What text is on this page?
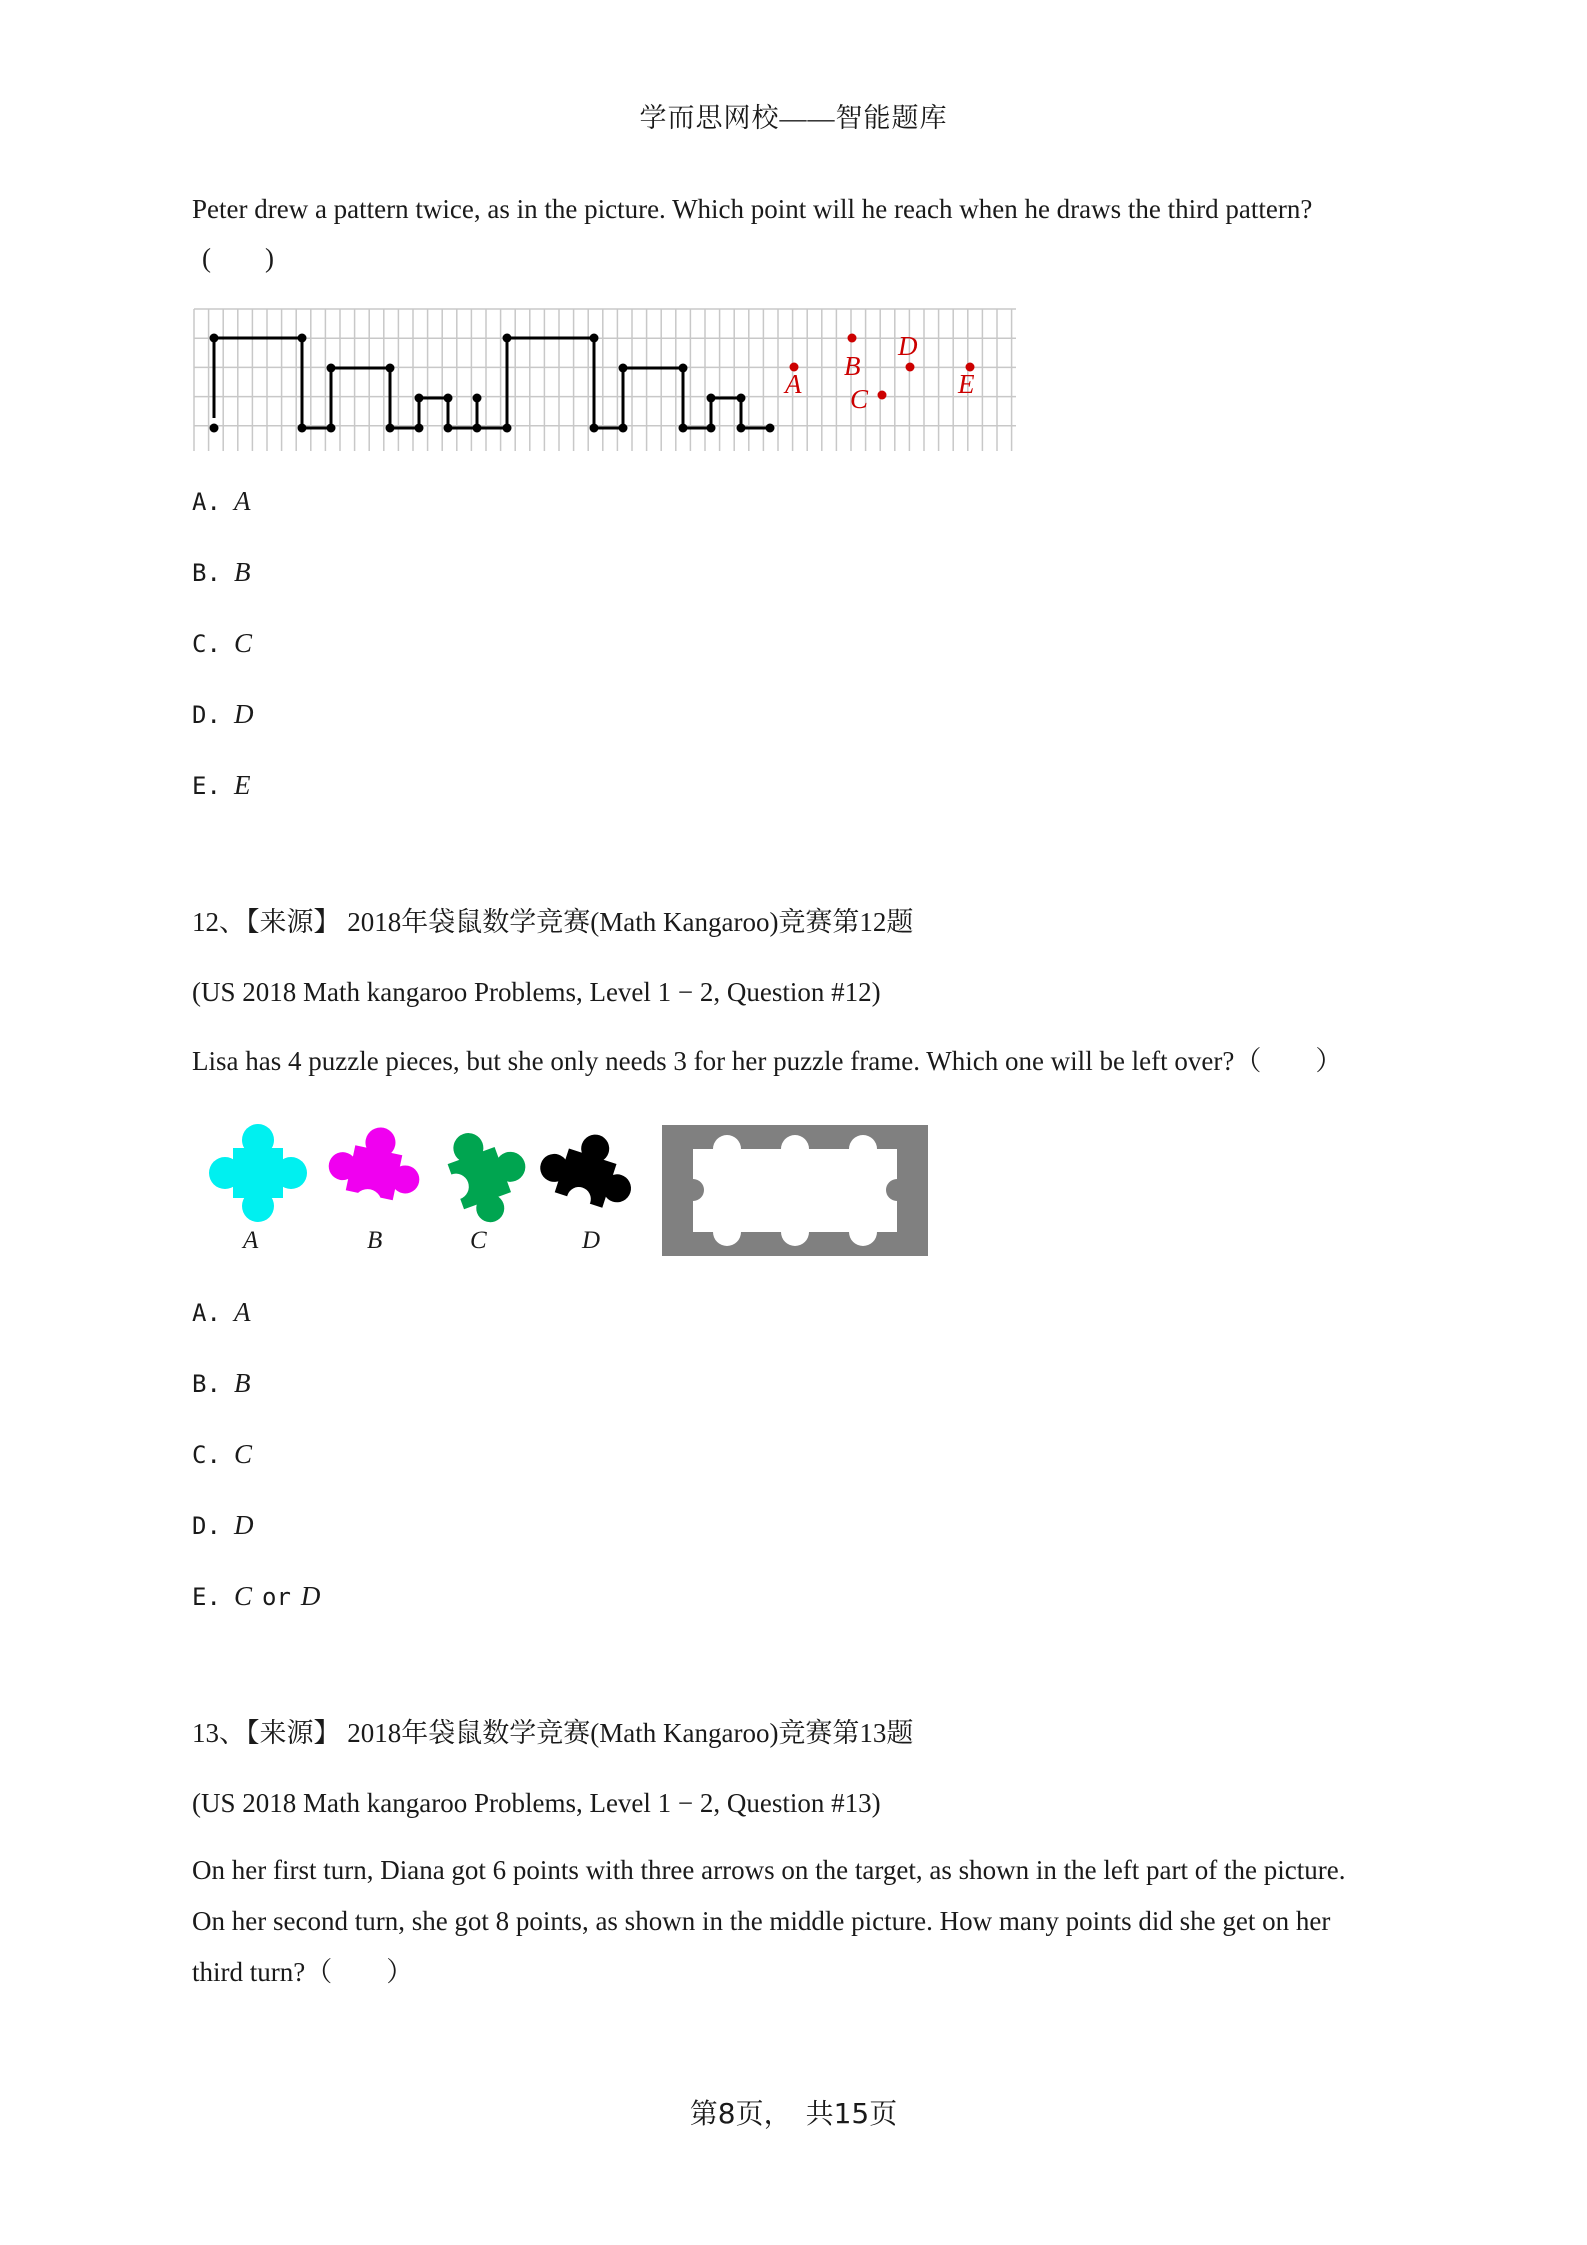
学而思网校——智能题库
Peter drew a pattern twice, as in the picture. Which point will he reach when he draws the third pattern?
(　　)
A
B
C
D
E
A. A
B. B
C. C
D. D
E. E
12、【来源】 2018年袋鼠数学竞赛(Math Kangaroo)竞赛第12题
(US 2018 Math kangaroo Problems, Level 1 − 2, Question #12)
Lisa has 4 puzzle pieces, but she only needs 3 for her puzzle frame. Which one will be left over?（　　）
A	B	C	D
A. A
B. B
C. C
D. D
E. C or D
13、【来源】 2018年袋鼠数学竞赛(Math Kangaroo)竞赛第13题
(US 2018 Math kangaroo Problems, Level 1 − 2, Question #13)
On her first turn, Diana got 6 points with three arrows on the target, as shown in the left part of the picture.
On her second turn, she got 8 points, as shown in the middle picture. How many points did she get on her
third turn?（　　）
第8页，　共15页
